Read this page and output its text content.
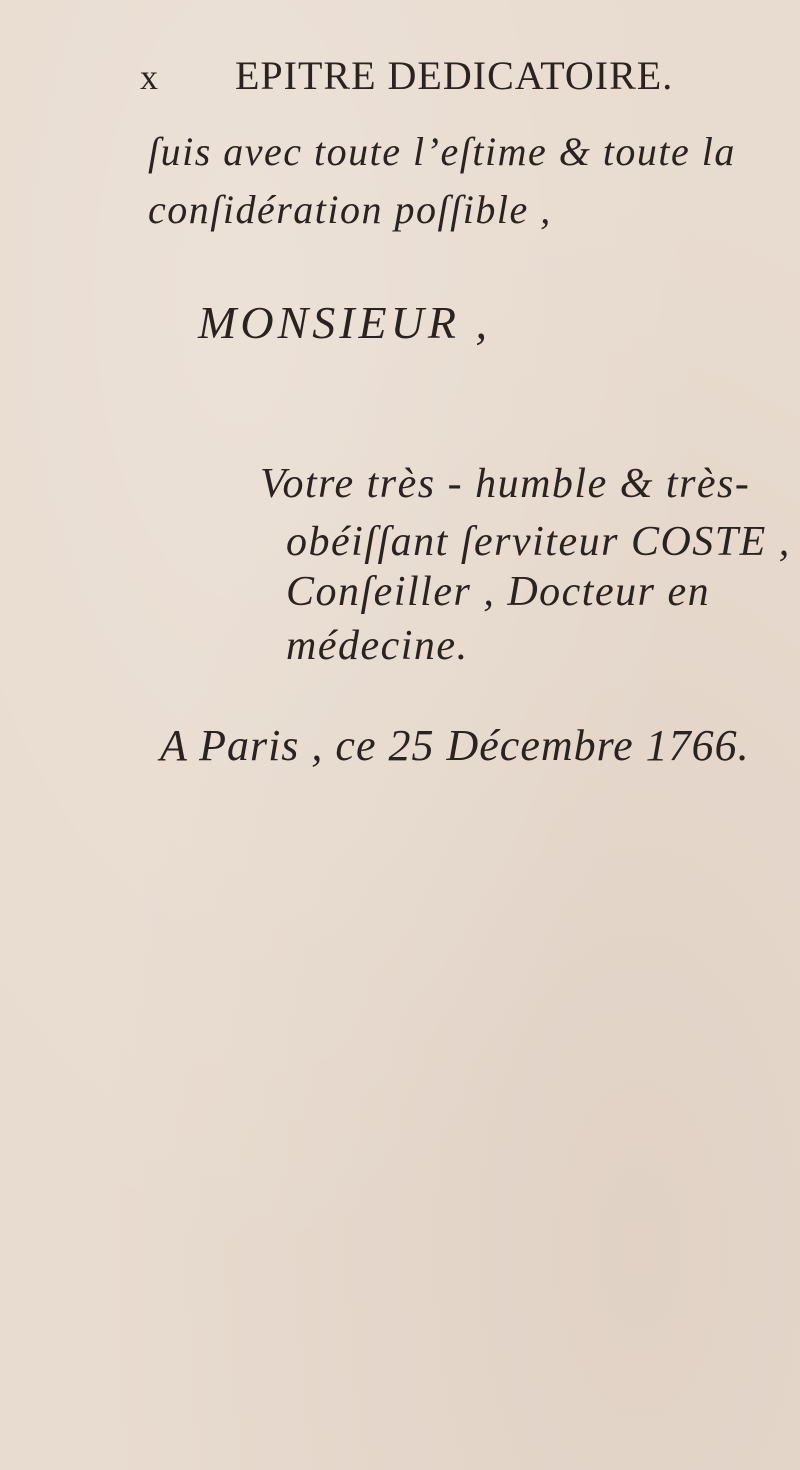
x EPITRE DEDICATOIRE.
ſuis avec toute l’eſtime & toute la
conſidération poſſible ,
MONSIEUR ,
Votre très - humble & très-
obéiſſant ſerviteur COSTE ,
Conſeiller , Docteur en
médecine.
A Paris , ce 25 Décembre 1766.
